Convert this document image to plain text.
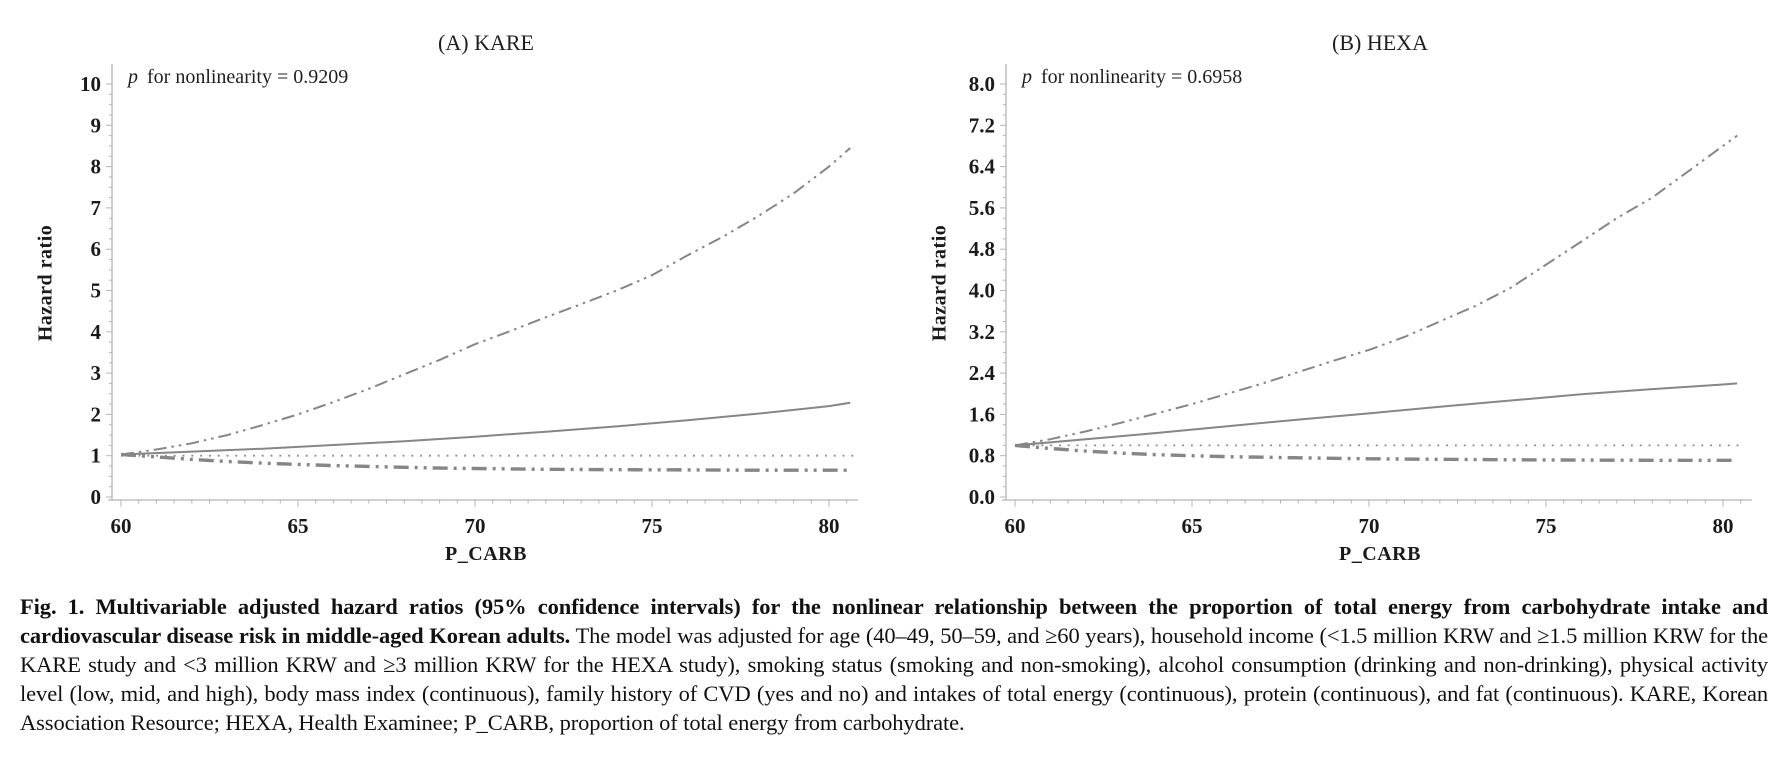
(A) KARE
p for nonlinearity = 0.9209
Hazard ratio
0
1
2
3
4
5
6
7
8
9
10
60	65	70	75	80
P_CARB
(B) HEXA
p for nonlinearity = 0.6958
Hazard ratio
0.0
0.8
1.6
2.4
3.2
4.0
4.8
5.6
6.4
7.2
8.0
60	65	70	75	80
P_CARB

Fig. 1. Multivariable adjusted hazard ratios (95% confidence intervals) for the nonlinear relationship between the proportion of total energy from carbohydrate intake and cardiovascular disease risk in middle-aged Korean adults. The model was adjusted for age (40–49, 50–59, and ≥60 years), household income (<1.5 million KRW and ≥1.5 million KRW for the KARE study and <3 million KRW and ≥3 million KRW for the HEXA study), smoking status (smoking and non-smoking), alcohol consumption (drinking and non-drinking), physical activity level (low, mid, and high), body mass index (continuous), family history of CVD (yes and no) and intakes of total energy (continuous), protein (continuous), and fat (continuous). KARE, Korean Association Resource; HEXA, Health Examinee; P_CARB, proportion of total energy from carbohydrate.
